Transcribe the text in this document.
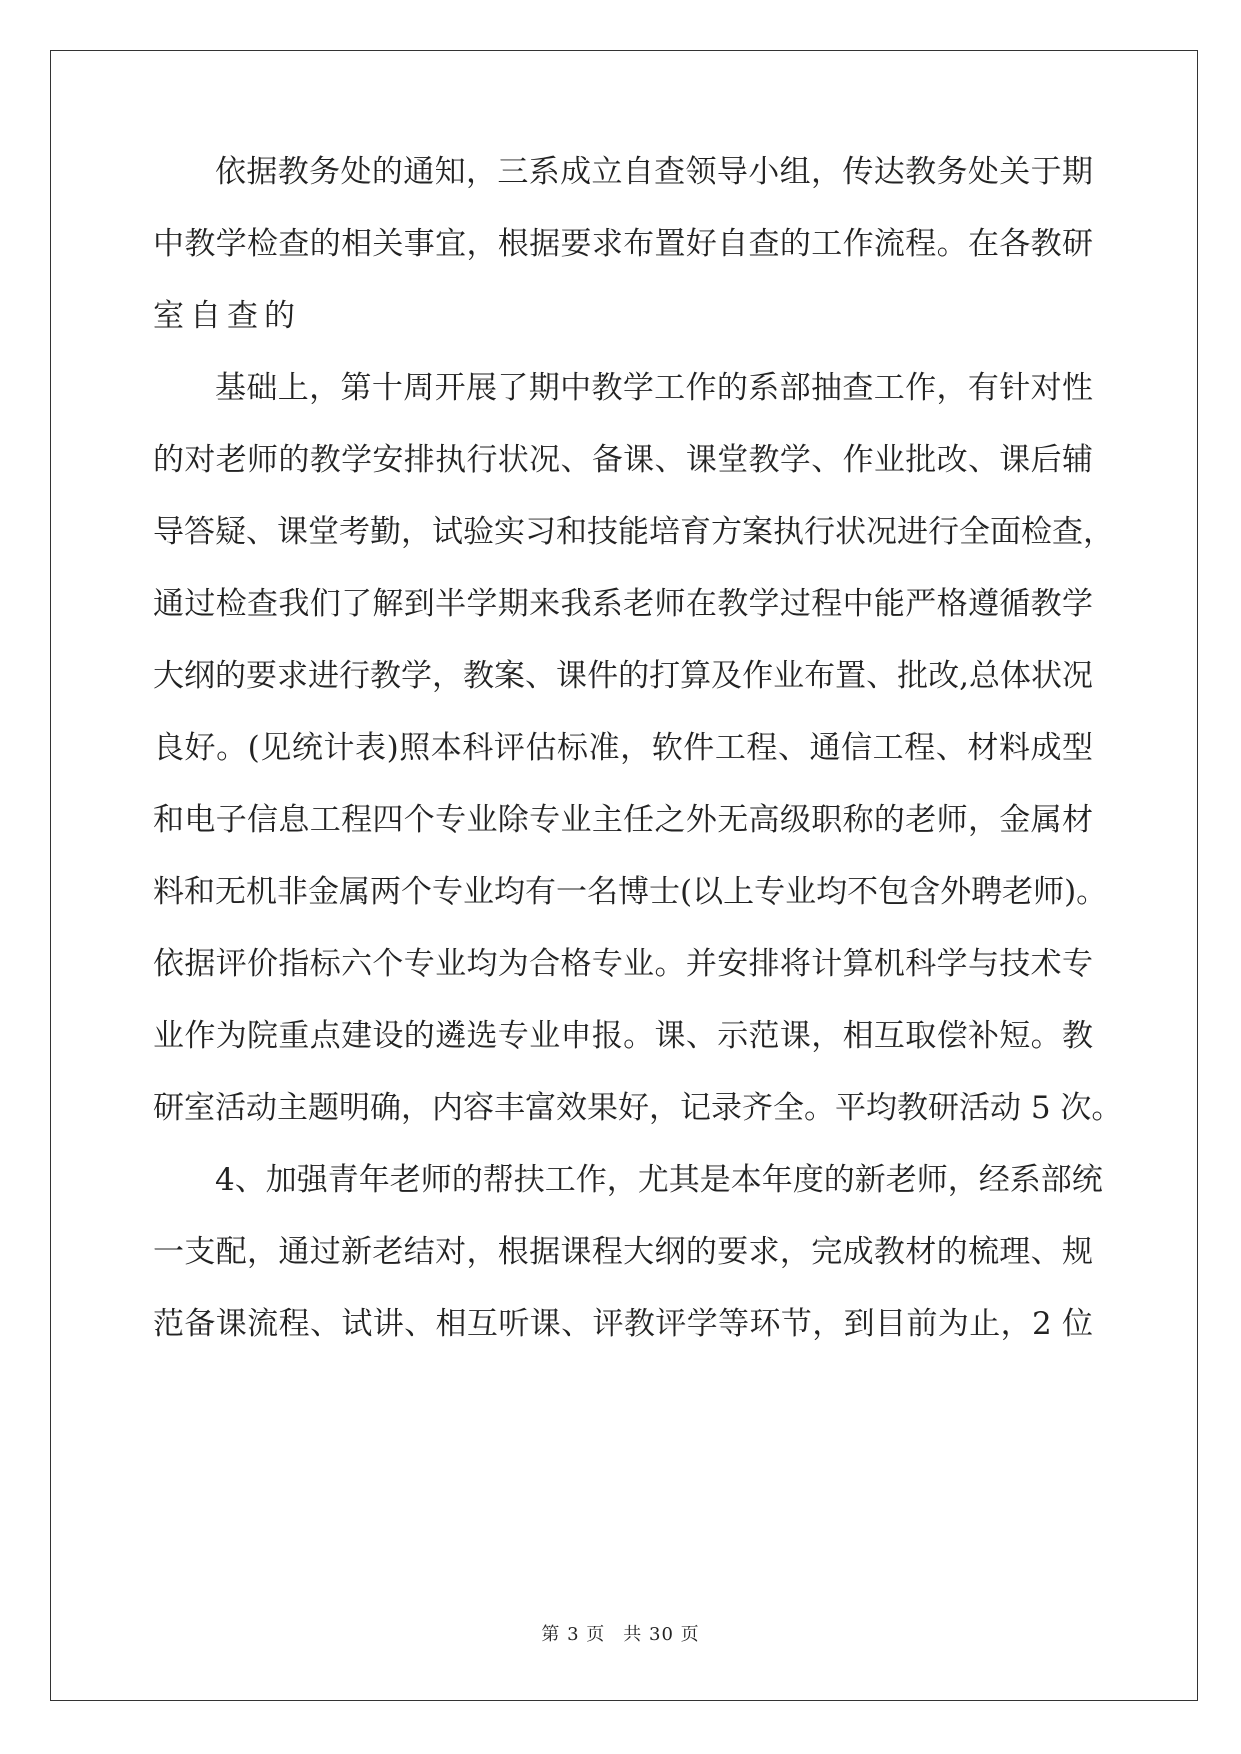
依据教务处的通知，三系成立自查领导小组，传达教务处关于期
中教学检查的相关事宜，根据要求布置好自查的工作流程。在各教研
室自查的
基础上，第十周开展了期中教学工作的系部抽查工作，有针对性
的对老师的教学安排执行状况、备课、课堂教学、作业批改、课后辅
导答疑、课堂考勤，试验实习和技能培育方案执行状况进行全面检查，
通过检查我们了解到半学期来我系老师在教学过程中能严格遵循教学
大纲的要求进行教学，教案、课件的打算及作业布置、批改,总体状况
良好。(见统计表)照本科评估标准，软件工程、通信工程、材料成型
和电子信息工程四个专业除专业主任之外无高级职称的老师，金属材
料和无机非金属两个专业均有一名博士(以上专业均不包含外聘老师)。
依据评价指标六个专业均为合格专业。并安排将计算机科学与技术专
业作为院重点建设的遴选专业申报。课、示范课，相互取偿补短。教
研室活动主题明确，内容丰富效果好，记录齐全。平均教研活动 5 次。
4、加强青年老师的帮扶工作，尤其是本年度的新老师，经系部统
一支配，通过新老结对，根据课程大纲的要求，完成教材的梳理、规
范备课流程、试讲、相互听课、评教评学等环节，到目前为止，2 位
第 3 页 共 30 页
